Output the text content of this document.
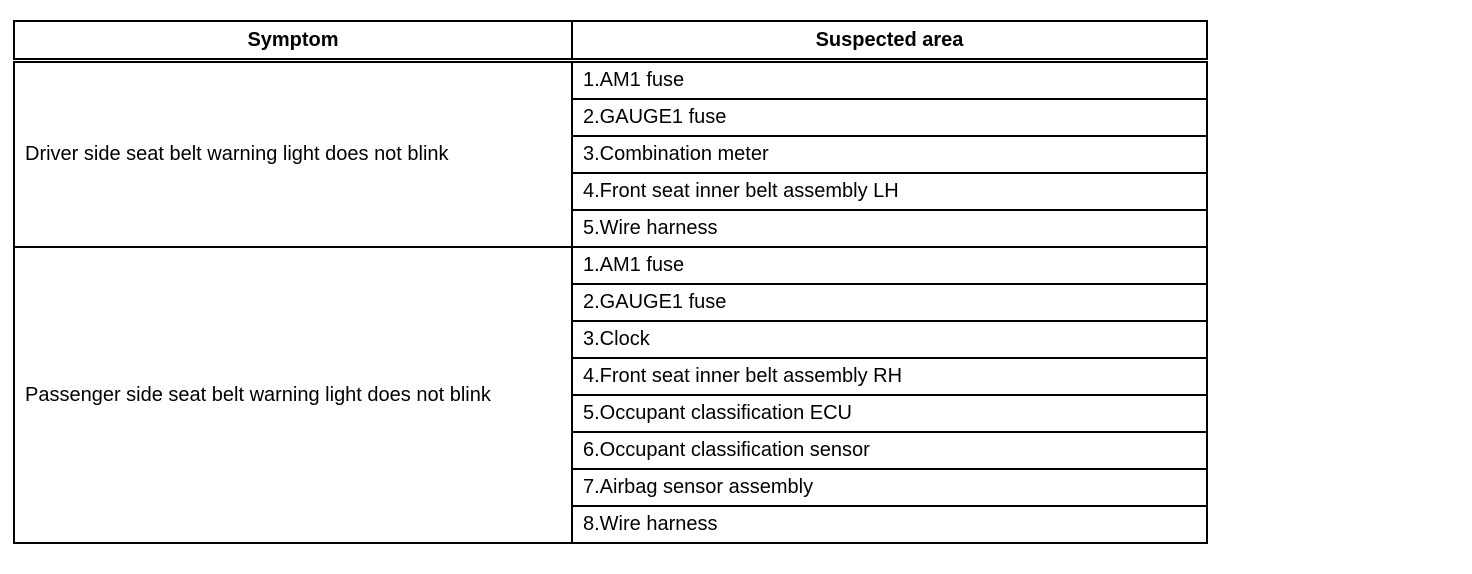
Symptom	Suspected area
Driver side seat belt warning light does not blink	1.AM1 fuse
	2.GAUGE1 fuse
	3.Combination meter
	4.Front seat inner belt assembly LH
	5.Wire harness
Passenger side seat belt warning light does not blink	1.AM1 fuse
	2.GAUGE1 fuse
	3.Clock
	4.Front seat inner belt assembly RH
	5.Occupant classification ECU
	6.Occupant classification sensor
	7.Airbag sensor assembly
	8.Wire harness
